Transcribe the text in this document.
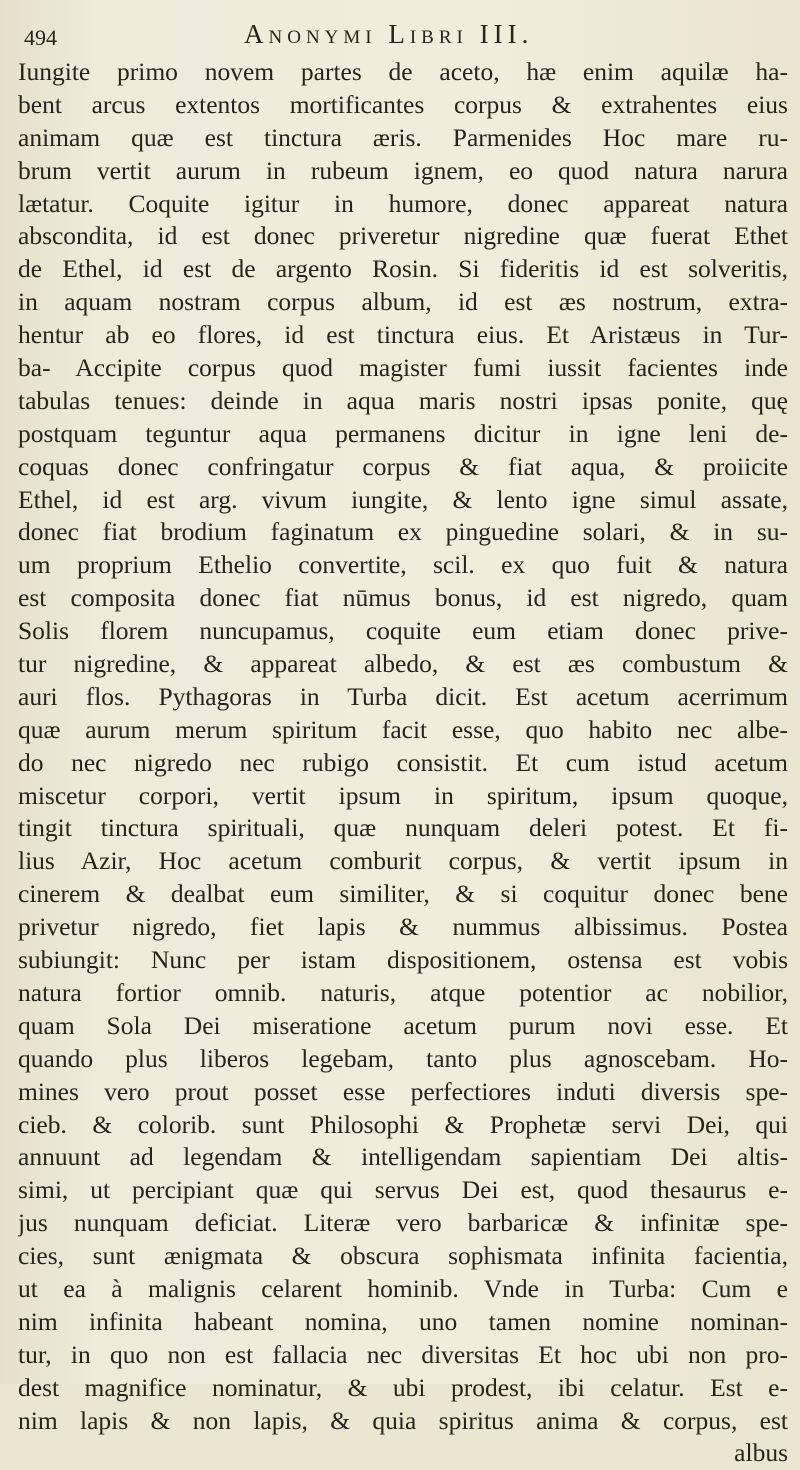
494	Anonymi Libri III.
Iungite primo novem partes de aceto, hæ enim aquilæ ha-
bent arcus extentos mortificantes corpus & extrahentes eius
animam quæ est tinctura æris. Parmenides Hoc mare ru-
brum vertit aurum in rubeum ignem, eo quod natura narura
lætatur. Coquite igitur in humore, donec appareat natura
abscondita, id est donec priveretur nigredine quæ fuerat Ethet
de Ethel, id est de argento Rosin. Si fideritis id est solveritis,
in aquam nostram corpus album, id est æs nostrum, extra-
hentur ab eo flores, id est tinctura eius. Et Aristæus in Tur-
ba- Accipite corpus quod magister fumi iussit facientes inde
tabulas tenues: deinde in aqua maris nostri ipsas ponite, quę
postquam teguntur aqua permanens dicitur in igne leni de-
coquas donec confringatur corpus & fiat aqua, & proiicite
Ethel, id est arg. vivum iungite, & lento igne simul assate,
donec fiat brodium faginatum ex pinguedine solari, & in su-
um proprium Ethelio convertite, scil. ex quo fuit & natura
est composita donec fiat nūmus bonus, id est nigredo, quam
Solis florem nuncupamus, coquite eum etiam donec prive-
tur nigredine, & appareat albedo, & est æs combustum &
auri flos. Pythagoras in Turba dicit. Est acetum acerrimum
quæ aurum merum spiritum facit esse, quo habito nec albe-
do nec nigredo nec rubigo consistit. Et cum istud acetum
miscetur corpori, vertit ipsum in spiritum, ipsum quoque,
tingit tinctura spirituali, quæ nunquam deleri potest. Et fi-
lius Azir, Hoc acetum comburit corpus, & vertit ipsum in
cinerem & dealbat eum similiter, & si coquitur donec bene
privetur nigredo, fiet lapis & nummus albissimus. Postea
subiungit: Nunc per istam dispositionem, ostensa est vobis
natura fortior omnib. naturis, atque potentior ac nobilior,
quam Sola Dei miseratione acetum purum novi esse. Et
quando plus liberos legebam, tanto plus agnoscebam. Ho-
mines vero prout posset esse perfectiores induti diversis spe-
cieb. & colorib. sunt Philosophi & Prophetæ servi Dei, qui
annuunt ad legendam & intelligendam sapientiam Dei altis-
simi, ut percipiant quæ qui servus Dei est, quod thesaurus e-
jus nunquam deficiat. Literæ vero barbaricæ & infinitæ spe-
cies, sunt ænigmata & obscura sophismata infinita facientia,
ut ea à malignis celarent hominib. Vnde in Turba: Cum e
nim infinita habeant nomina, uno tamen nomine nominan-
tur, in quo non est fallacia nec diversitas Et hoc ubi non pro-
dest magnifice nominatur, & ubi prodest, ibi celatur. Est e-
nim lapis & non lapis, & quia spiritus anima & corpus, est
albus
